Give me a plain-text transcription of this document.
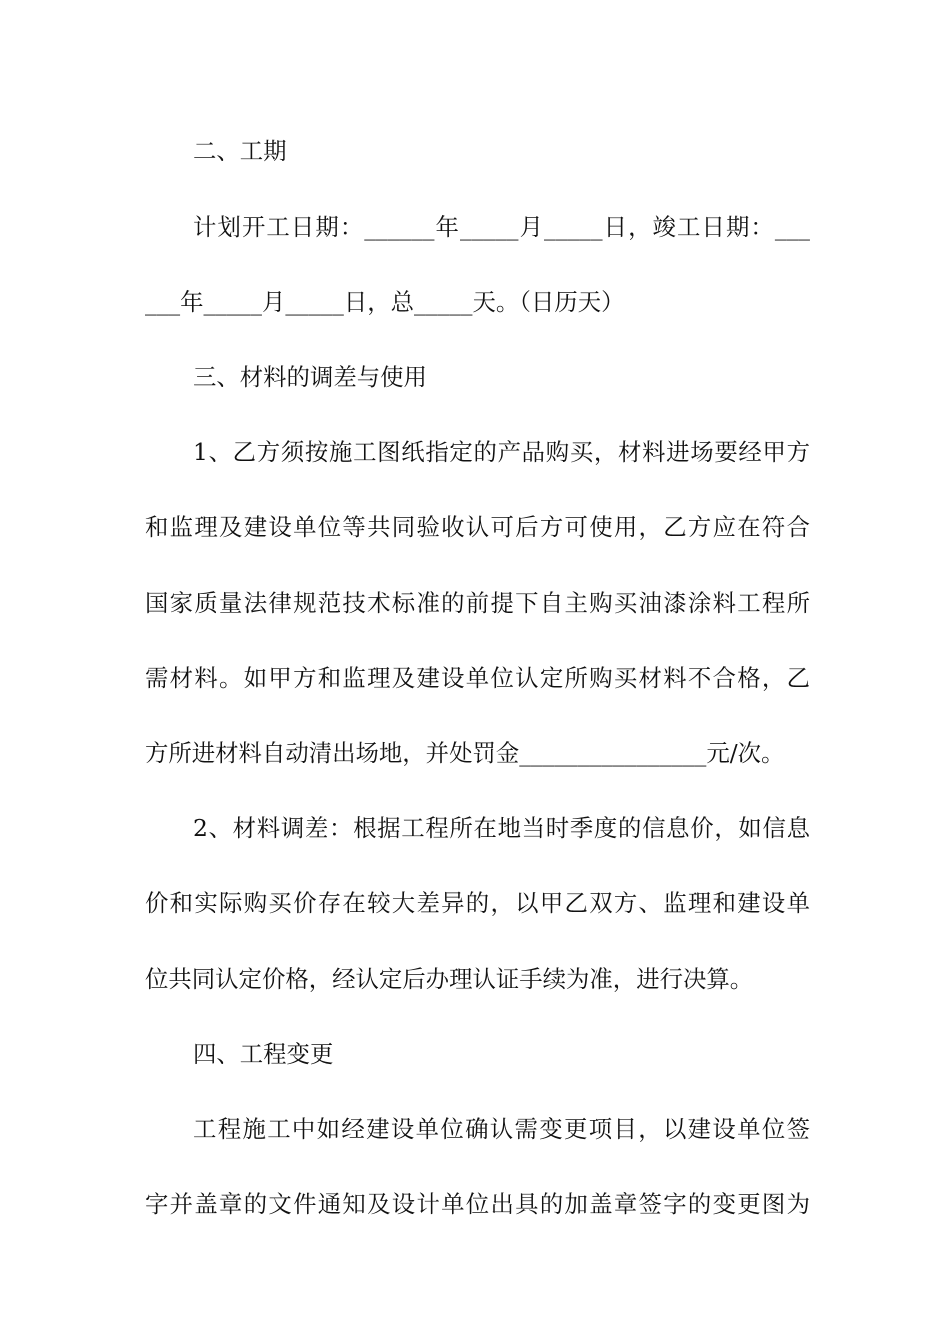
二、工期
计划开工日期：______年_____月_____日，竣工日期：___
___年_____月_____日，总_____天。（日历天）
三、材料的调差与使用
1、乙方须按施工图纸指定的产品购买，材料进场要经甲方
和监理及建设单位等共同验收认可后方可使用，乙方应在符合
国家质量法律规范技术标准的前提下自主购买油漆涂料工程所
需材料。如甲方和监理及建设单位认定所购买材料不合格，乙
方所进材料自动清出场地，并处罚金________________元/次。
2、材料调差：根据工程所在地当时季度的信息价，如信息
价和实际购买价存在较大差异的，以甲乙双方、监理和建设单
位共同认定价格，经认定后办理认证手续为准，进行决算。
四、工程变更
工程施工中如经建设单位确认需变更项目，以建设单位签
字并盖章的文件通知及设计单位出具的加盖章签字的变更图为
